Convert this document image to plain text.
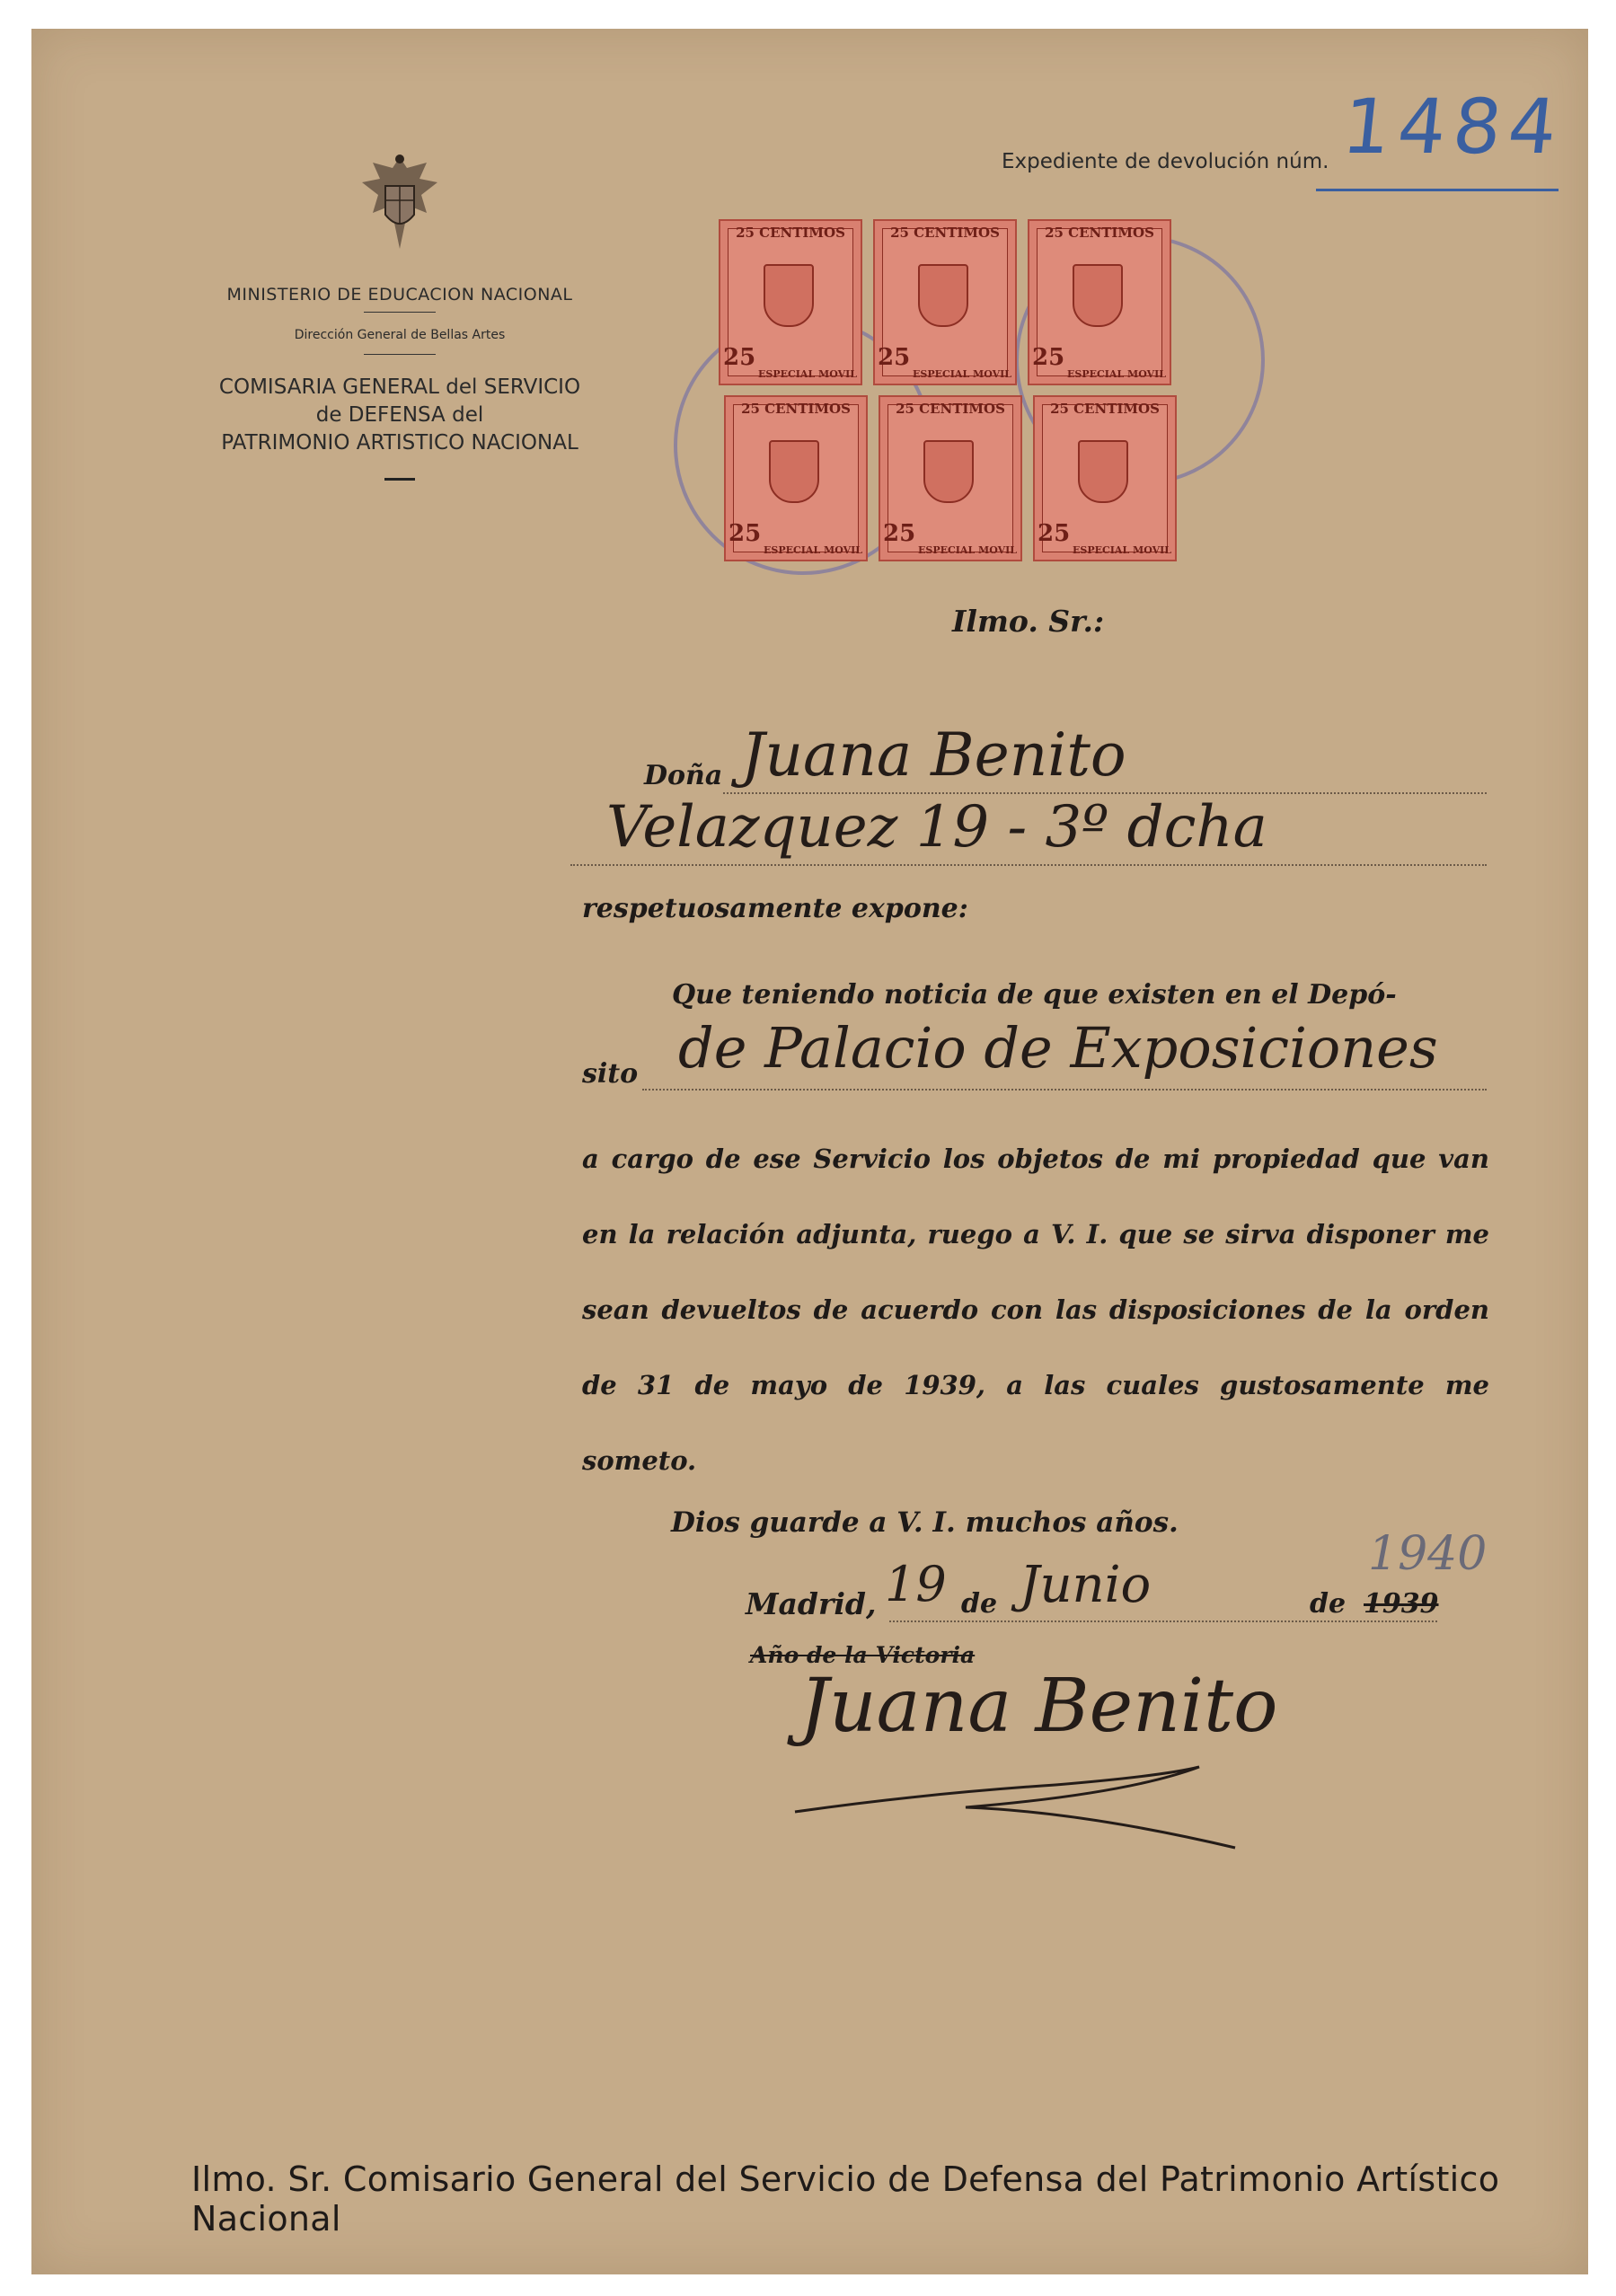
MINISTERIO DE EDUCACION NACIONAL
Dirección General de Bellas Artes
COMISARIA GENERAL del SERVICIO
de DEFENSA del
PATRIMONIO ARTISTICO NACIONAL
Expediente de devolución núm. 1484
25 CENTIMOS
25
ESPECIAL MOVIL
25 CENTIMOS
25
ESPECIAL MOVIL
25 CENTIMOS
25
ESPECIAL MOVIL
25 CENTIMOS
25
ESPECIAL MOVIL
25 CENTIMOS
25
ESPECIAL MOVIL
25 CENTIMOS
25
ESPECIAL MOVIL
Ilmo. Sr.:
Doña Juana Benito
Velazquez 19 - 3º dcha
respetuosamente expone:
Que teniendo noticia de que existen en el Depó-
sito de Palacio de Exposiciones
a cargo de ese Servicio los objetos de mi propiedad que van en la relación adjunta, ruego a V. I. que se sirva disponer me sean devueltos de acuerdo con las disposiciones de la orden de 31 de mayo de 1939, a las cuales gustosamente me someto.
Dios guarde a V. I. muchos años.
Madrid, 19 de Junio	de 1939
1940
Año de la Victoria
Juana Benito
Ilmo. Sr. Comisario General del Servicio de Defensa del Patrimonio Artístico Nacional
